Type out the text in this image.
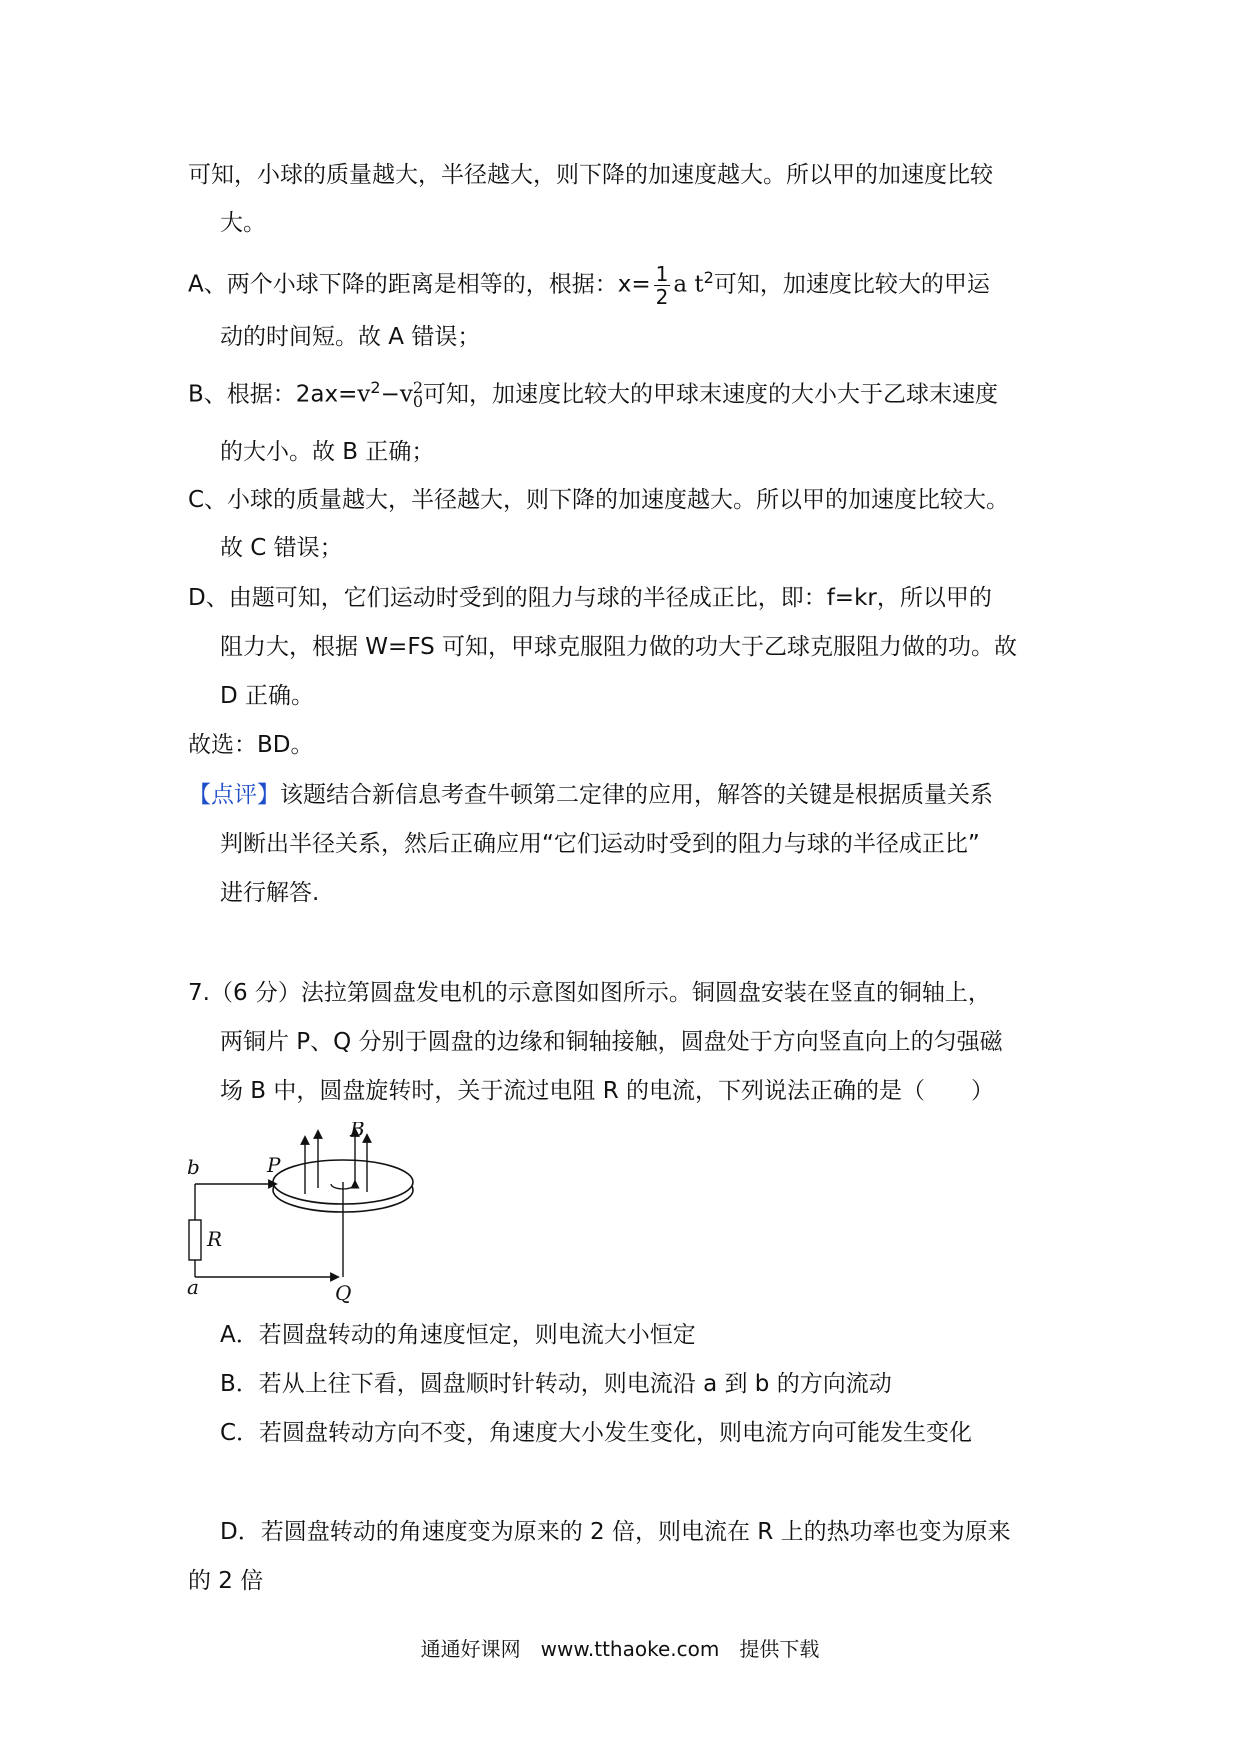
可知，小球的质量越大，半径越大，则下降的加速度越大。所以甲的加速度比较
大。
A、两个小球下降的距离是相等的，根据：$x= \frac{1}{2}$ a $t^2$可知，加速度比较大的甲运
动的时间短。故 A 错误；
B、根据：$2ax=v^2-v$ 2
0 可知，加速度比较大的甲球末速度的大小大于乙球末速度
的大小。故 B 正确；
C、小球的质量越大，半径越大，则下降的加速度越大。所以甲的加速度比较大。
故 C 错误；
D、由题可知，它们运动时受到的阻力与球的半径成正比，即：f=kr，所以甲的
阻力大，根据 W=FS 可知，甲球克服阻力做的功大于乙球克服阻力做的功。故
D 正确。
故选：BD。
【点评】该题结合新信息考查牛顿第二定律的应用，解答的关键是根据质量关系
判断出半径关系，然后正确应用“它们运动时受到的阻力与球的半径成正比”
进行解答.
7.（6 分）法拉第圆盘发电机的示意图如图所示。铜圆盘安装在竖直的铜轴上，
两铜片 P、Q 分别于圆盘的边缘和铜轴接触，圆盘处于方向竖直向上的匀强磁
场 B 中，圆盘旋转时，关于流过电阻 R 的电流，下列说法正确的是（　　）
B
P
b
R
a	Q
A．若圆盘转动的角速度恒定，则电流大小恒定
B．若从上往下看，圆盘顺时针转动，则电流沿 a 到 b 的方向流动
C．若圆盘转动方向不变，角速度大小发生变化，则电流方向可能发生变化
D．若圆盘转动的角速度变为原来的 2 倍，则电流在 R 上的热功率也变为原来
的 2 倍
通通好课网　www.tthaoke.com　提供下载
